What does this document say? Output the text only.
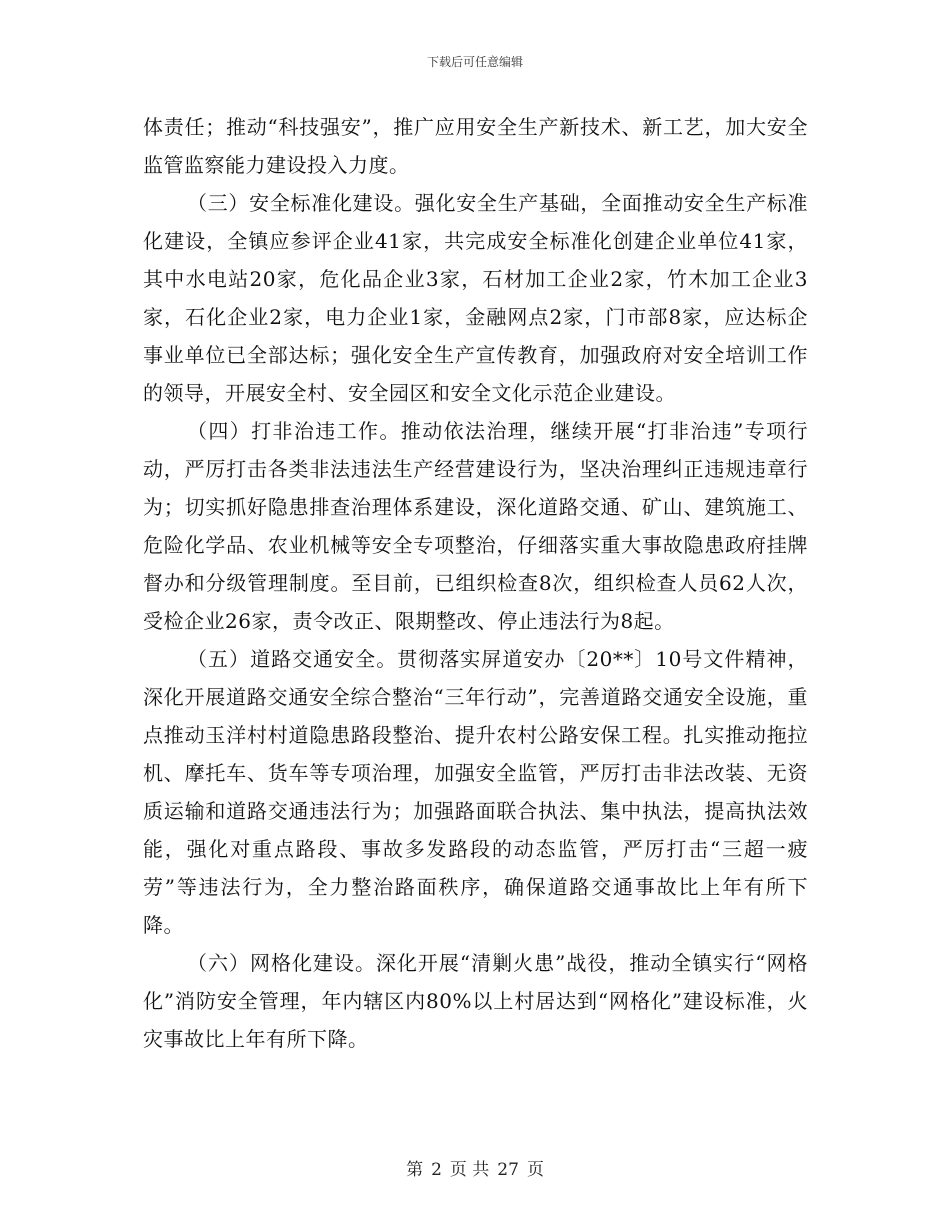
下载后可任意编辑

体责任；推动“科技强安”，推广应用安全生产新技术、新工艺，加大安全监管监察能力建设投入力度。

（三）安全标准化建设。强化安全生产基础，全面推动安全生产标准化建设，全镇应参评企业41家，共完成安全标准化创建企业单位41家，其中水电站20家，危化品企业3家，石材加工企业2家，竹木加工企业3家，石化企业2家，电力企业1家，金融网点2家，门市部8家，应达标企事业单位已全部达标；强化安全生产宣传教育，加强政府对安全培训工作的领导，开展安全村、安全园区和安全文化示范企业建设。

（四）打非治违工作。推动依法治理，继续开展“打非治违”专项行动，严厉打击各类非法违法生产经营建设行为，坚决治理纠正违规违章行为；切实抓好隐患排查治理体系建设，深化道路交通、矿山、建筑施工、危险化学品、农业机械等安全专项整治，仔细落实重大事故隐患政府挂牌督办和分级管理制度。至目前，已组织检查8次，组织检查人员62人次，受检企业26家，责令改正、限期整改、停止违法行为8起。

（五）道路交通安全。贯彻落实屏道安办〔20**〕10号文件精神，深化开展道路交通安全综合整治“三年行动”，完善道路交通安全设施，重点推动玉洋村村道隐患路段整治、提升农村公路安保工程。扎实推动拖拉机、摩托车、货车等专项治理，加强安全监管，严厉打击非法改装、无资质运输和道路交通违法行为；加强路面联合执法、集中执法，提高执法效能，强化对重点路段、事故多发路段的动态监管，严厉打击“三超一疲劳”等违法行为，全力整治路面秩序，确保道路交通事故比上年有所下降。

（六）网格化建设。深化开展“清剿火患”战役，推动全镇实行“网格化”消防安全管理，年内辖区内80%以上村居达到“网格化”建设标准，火灾事故比上年有所下降。

第 2 页 共 27 页
